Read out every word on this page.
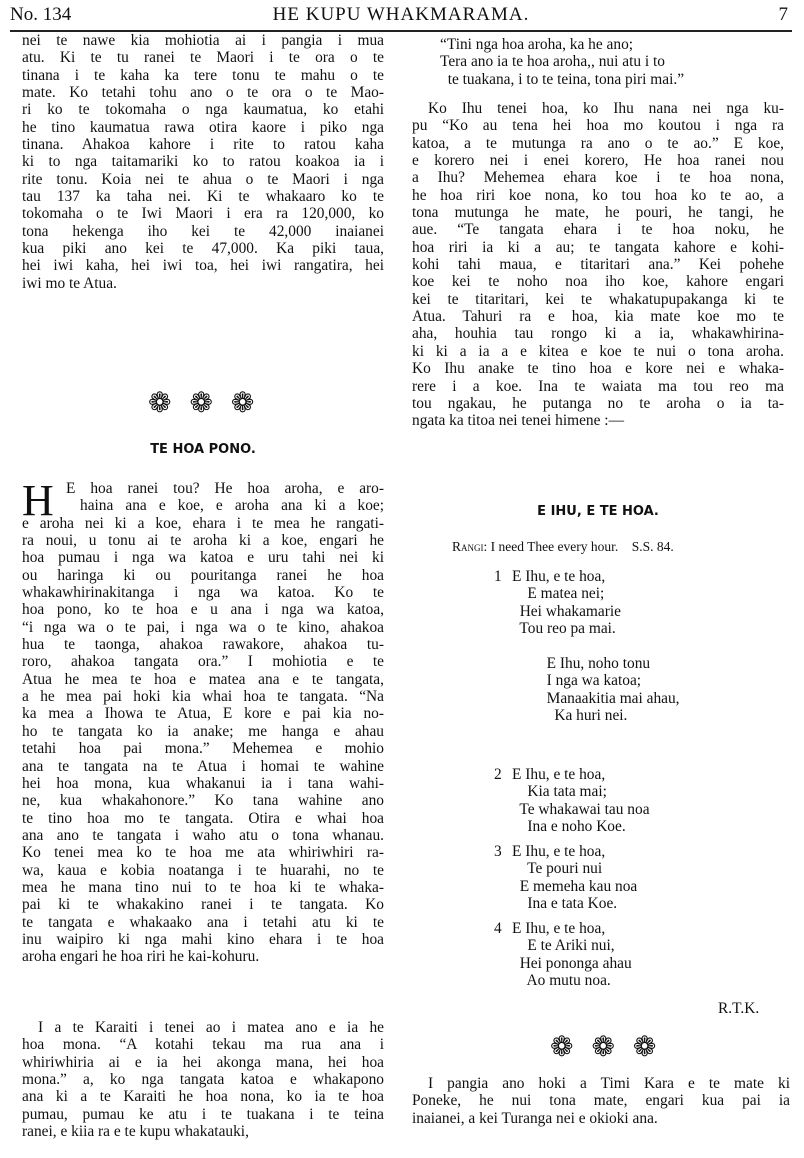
No. 134	HE KUPU WHAKMARAMA.	7
nei te nawe kia mohiotia ai i pangia i mua
atu. Ki te tu ranei te Maori i te ora o te
tinana i te kaha ka tere tonu te mahu o te
mate. Ko tetahi tohu ano o te ora o te Mao-
ri ko te tokomaha o nga kaumatua, ko etahi
he tino kaumatua rawa otira kaore i piko nga
tinana. Ahakoa kahore i rite to ratou kaha
ki to nga taitamariki ko to ratou koakoa ia i
rite tonu. Koia nei te ahua o te Maori i nga
tau 137 ka taha nei. Ki te whakaaro ko te
tokomaha o te Iwi Maori i era ra 120,000, ko
tona hekenga iho kei te 42,000 inaianei
kua piki ano kei te 47,000. Ka piki taua,
hei iwi kaha, hei iwi toa, hei iwi rangatira, hei
iwi mo te Atua.
❁❁❁
TE HOA PONO.
H E hoa ranei tou? He hoa aroha, e aro-
haina ana e koe, e aroha ana ki a koe;
e aroha nei ki a koe, ehara i te mea he rangati-
ra noui, u tonu ai te aroha ki a koe, engari he
hoa pumau i nga wa katoa e uru tahi nei ki
ou haringa ki ou pouritanga ranei he hoa
whakawhirinakitanga i nga wa katoa. Ko te
hoa pono, ko te hoa e u ana i nga wa katoa,
“i nga wa o te pai, i nga wa o te kino, ahakoa
hua te taonga, ahakoa rawakore, ahakoa tu-
roro, ahakoa tangata ora.” I mohiotia e te
Atua he mea te hoa e matea ana e te tangata,
a he mea pai hoki kia whai hoa te tangata. “Na
ka mea a Ihowa te Atua, E kore e pai kia no-
ho te tangata ko ia anake; me hanga e ahau
tetahi hoa pai mona.” Mehemea e mohio
ana te tangata na te Atua i homai te wahine
hei hoa mona, kua whakanui ia i tana wahi-
ne, kua whakahonore.” Ko tana wahine ano
te tino hoa mo te tangata. Otira e whai hoa
ana ano te tangata i waho atu o tona whanau.
Ko tenei mea ko te hoa me ata whiriwhiri ra-
wa, kaua e kobia noatanga i te huarahi, no te
mea he mana tino nui to te hoa ki te whaka-
pai ki te whakakino ranei i te tangata. Ko
te tangata e whakaako ana i tetahi atu ki te
inu waipiro ki nga mahi kino ehara i te hoa
aroha engari he hoa riri he kai-kohuru.
I a te Karaiti i tenei ao i matea ano e ia he
hoa mona. “A kotahi tekau ma rua ana i
whiriwhiria ai e ia hei akonga mana, hei hoa
mona.” a, ko nga tangata katoa e whakapono
ana ki a te Karaiti he hoa nona, ko ia te hoa
pumau, pumau ke atu i te tuakana i te teina
ranei, e kiia ra e te kupu whakatauki,
“Tini nga hoa aroha, ka he ano;
Tera ano ia te hoa aroha,, nui atu i to
te tuakana, i to te teina, tona piri mai.”
Ko Ihu tenei hoa, ko Ihu nana nei nga ku-
pu “Ko au tena hei hoa mo koutou i nga ra
katoa, a te mutunga ra ano o te ao.” E koe,
e korero nei i enei korero, He hoa ranei nou
a Ihu? Mehemea ehara koe i te hoa nona,
he hoa riri koe nona, ko tou hoa ko te ao, a
tona mutunga he mate, he pouri, he tangi, he
aue. “Te tangata ehara i te hoa noku, he
hoa riri ia ki a au; te tangata kahore e kohi-
kohi tahi maua, e titaritari ana.” Kei pohehe
koe kei te noho noa iho koe, kahore engari
kei te titaritari, kei te whakatupupakanga ki te
Atua. Tahuri ra e hoa, kia mate koe mo te
aha, houhia tau rongo ki a ia, whakawhirina-
ki ki a ia a e kitea e koe te nui o tona aroha.
Ko Ihu anake te tino hoa e kore nei e whaka-
rere i a koe. Ina te waiata ma tou reo ma
tou ngakau, he putanga no te aroha o ia ta-
ngata ka titoa nei tenei himene :—
E IHU, E TE HOA.
Rangi: I need Thee every hour. S.S. 84.
1 E Ihu, e te hoa,
E matea nei;
Hei whakamarie
Tou reo pa mai.

E Ihu, noho tonu
I nga wa katoa;
Manaakitia mai ahau,
Ka huri nei.
2 E Ihu, e te hoa,
Kia tata mai;
Te whakawai tau noa
Ina e noho Koe.
3 E Ihu, e te hoa,
Te pouri nui
E memeha kau noa
Ina e tata Koe.
4 E Ihu, e te hoa,
E te Ariki nui,
Hei pononga ahau
Ao mutu noa.
R.T.K.
❁❁❁
I pangia ano hoki a Timi Kara e te mate ki
Poneke, he nui tona mate, engari kua pai ia
inaianei, a kei Turanga nei e okioki ana.
